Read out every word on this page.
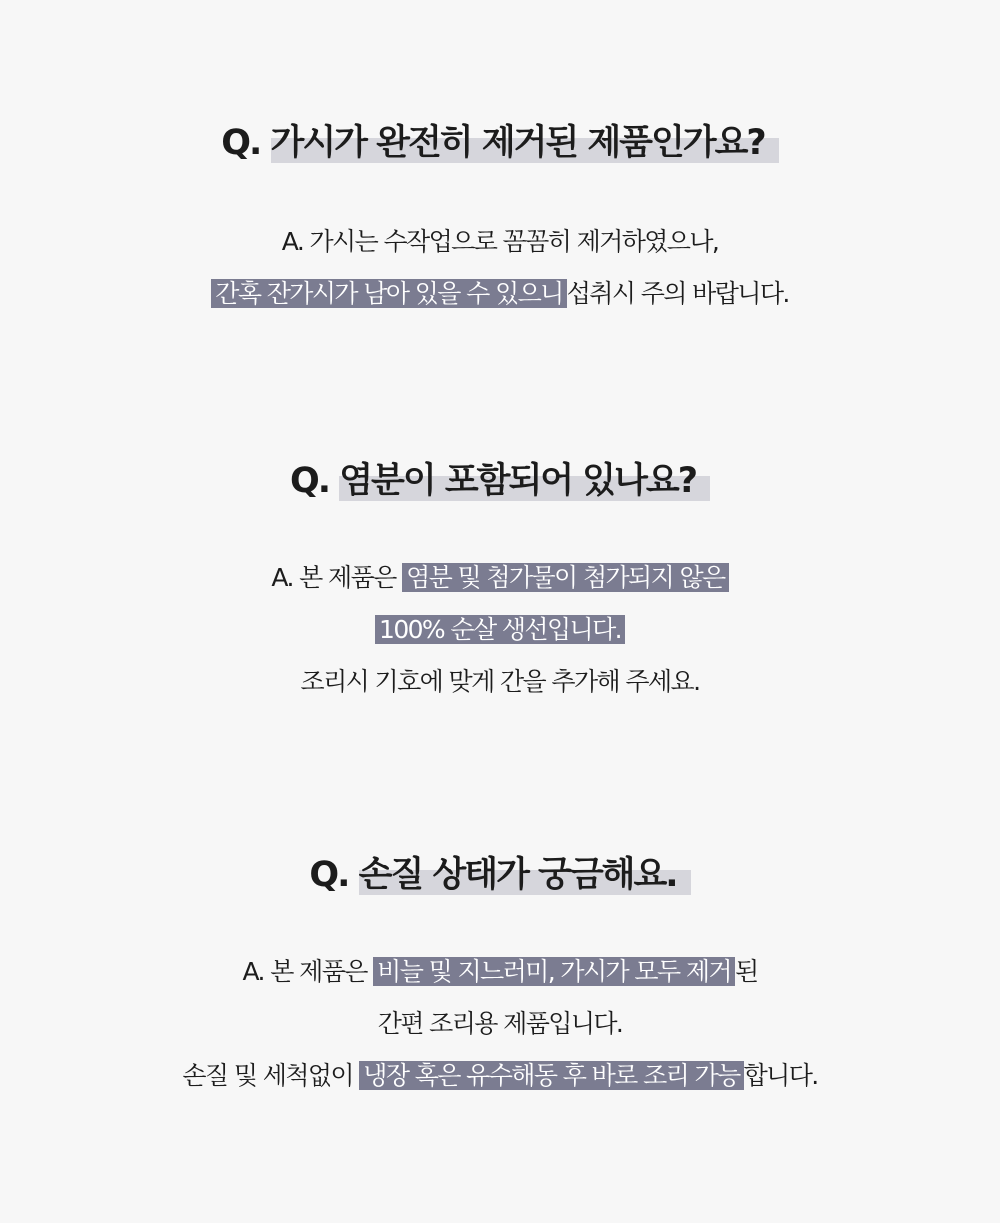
Q. 가시가 완전히 제거된 제품인가요?
A. 가시는 수작업으로 꼼꼼히 제거하였으나,
간혹 잔가시가 남아 있을 수 있으니 섭취시 주의 바랍니다.
Q. 염분이 포함되어 있나요?
A. 본 제품은 염분 및 첨가물이 첨가되지 않은
100% 순살 생선입니다.
조리시 기호에 맞게 간을 추가해 주세요.
Q. 손질 상태가 궁금해요.
A. 본 제품은 비늘 및 지느러미, 가시가 모두 제거 된
간편 조리용 제품입니다.
손질 및 세척없이 냉장 혹은 유수해동 후 바로 조리 가능 합니다.
